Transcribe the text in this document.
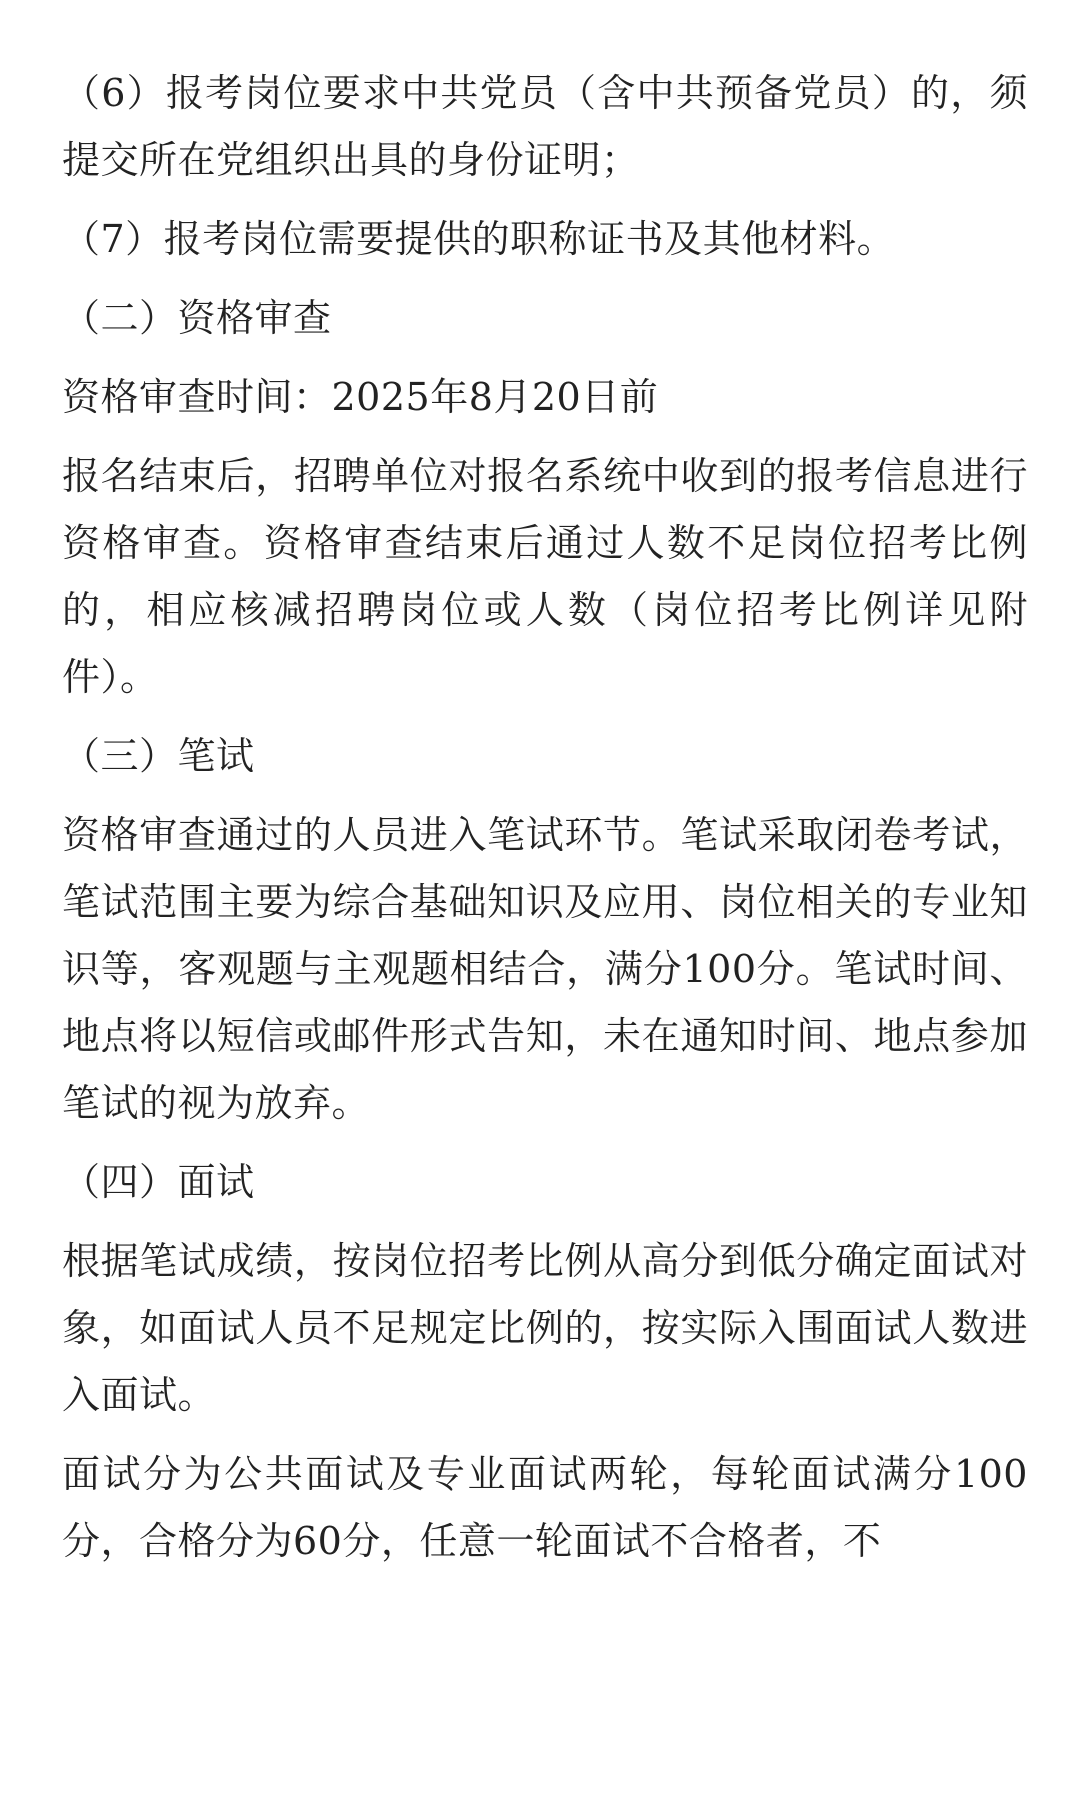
（6）报考岗位要求中共党员（含中共预备党员）的，须提交所在党组织出具的身份证明；

（7）报考岗位需要提供的职称证书及其他材料。

（二）资格审查

资格审查时间：2025年8月20日前

报名结束后，招聘单位对报名系统中收到的报考信息进行资格审查。资格审查结束后通过人数不足岗位招考比例的，相应核减招聘岗位或人数（岗位招考比例详见附件）。

（三）笔试

资格审查通过的人员进入笔试环节。笔试采取闭卷考试，笔试范围主要为综合基础知识及应用、岗位相关的专业知识等，客观题与主观题相结合，满分100分。笔试时间、地点将以短信或邮件形式告知，未在通知时间、地点参加笔试的视为放弃。

（四）面试

根据笔试成绩，按岗位招考比例从高分到低分确定面试对象，如面试人员不足规定比例的，按实际入围面试人数进入面试。

面试分为公共面试及专业面试两轮，每轮面试满分100分，合格分为60分，任意一轮面试不合格者，不
